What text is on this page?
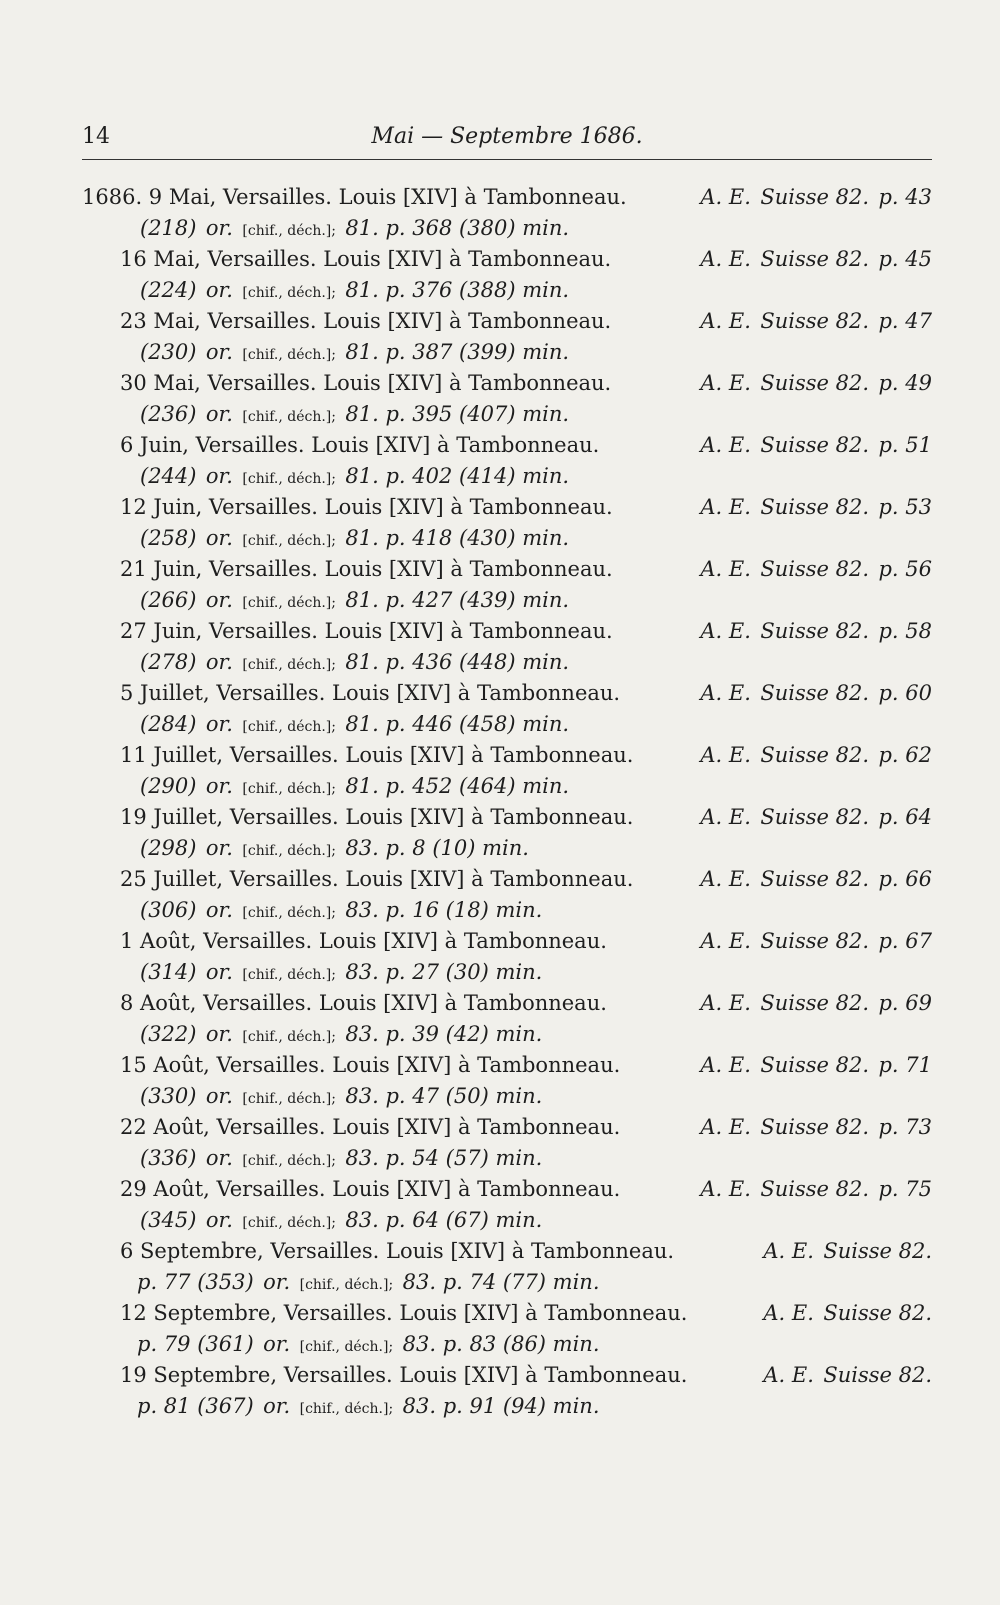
14	Mai — Septembre 1686.
1686. 9 Mai, Versailles. Louis [XIV] à Tambonneau.	A. E. Suisse 82. p. 43
(218) or. [chif., déch.]; 81. p. 368 (380) min.
16 Mai, Versailles. Louis [XIV] à Tambonneau.	A. E. Suisse 82. p. 45
(224) or. [chif., déch.]; 81. p. 376 (388) min.
23 Mai, Versailles. Louis [XIV] à Tambonneau.	A. E. Suisse 82. p. 47
(230) or. [chif., déch.]; 81. p. 387 (399) min.
30 Mai, Versailles. Louis [XIV] à Tambonneau.	A. E. Suisse 82. p. 49
(236) or. [chif., déch.]; 81. p. 395 (407) min.
6 Juin, Versailles. Louis [XIV] à Tambonneau.	A. E. Suisse 82. p. 51
(244) or. [chif., déch.]; 81. p. 402 (414) min.
12 Juin, Versailles. Louis [XIV] à Tambonneau.	A. E. Suisse 82. p. 53
(258) or. [chif., déch.]; 81. p. 418 (430) min.
21 Juin, Versailles. Louis [XIV] à Tambonneau.	A. E. Suisse 82. p. 56
(266) or. [chif., déch.]; 81. p. 427 (439) min.
27 Juin, Versailles. Louis [XIV] à Tambonneau.	A. E. Suisse 82. p. 58
(278) or. [chif., déch.]; 81. p. 436 (448) min.
5 Juillet, Versailles. Louis [XIV] à Tambonneau.	A. E. Suisse 82. p. 60
(284) or. [chif., déch.]; 81. p. 446 (458) min.
11 Juillet, Versailles. Louis [XIV] à Tambonneau.	A. E. Suisse 82. p. 62
(290) or. [chif., déch.]; 81. p. 452 (464) min.
19 Juillet, Versailles. Louis [XIV] à Tambonneau.	A. E. Suisse 82. p. 64
(298) or. [chif., déch.]; 83. p. 8 (10) min.
25 Juillet, Versailles. Louis [XIV] à Tambonneau.	A. E. Suisse 82. p. 66
(306) or. [chif., déch.]; 83. p. 16 (18) min.
1 Août, Versailles. Louis [XIV] à Tambonneau.	A. E. Suisse 82. p. 67
(314) or. [chif., déch.]; 83. p. 27 (30) min.
8 Août, Versailles. Louis [XIV] à Tambonneau.	A. E. Suisse 82. p. 69
(322) or. [chif., déch.]; 83. p. 39 (42) min.
15 Août, Versailles. Louis [XIV] à Tambonneau.	A. E. Suisse 82. p. 71
(330) or. [chif., déch.]; 83. p. 47 (50) min.
22 Août, Versailles. Louis [XIV] à Tambonneau.	A. E. Suisse 82. p. 73
(336) or. [chif., déch.]; 83. p. 54 (57) min.
29 Août, Versailles. Louis [XIV] à Tambonneau.	A. E. Suisse 82. p. 75
(345) or. [chif., déch.]; 83. p. 64 (67) min.
6 Septembre, Versailles. Louis [XIV] à Tambonneau.	A. E. Suisse 82.
p. 77 (353) or. [chif., déch.]; 83. p. 74 (77) min.
12 Septembre, Versailles. Louis [XIV] à Tambonneau.	A. E. Suisse 82.
p. 79 (361) or. [chif., déch.]; 83. p. 83 (86) min.
19 Septembre, Versailles. Louis [XIV] à Tambonneau.	A. E. Suisse 82.
p. 81 (367) or. [chif., déch.]; 83. p. 91 (94) min.
